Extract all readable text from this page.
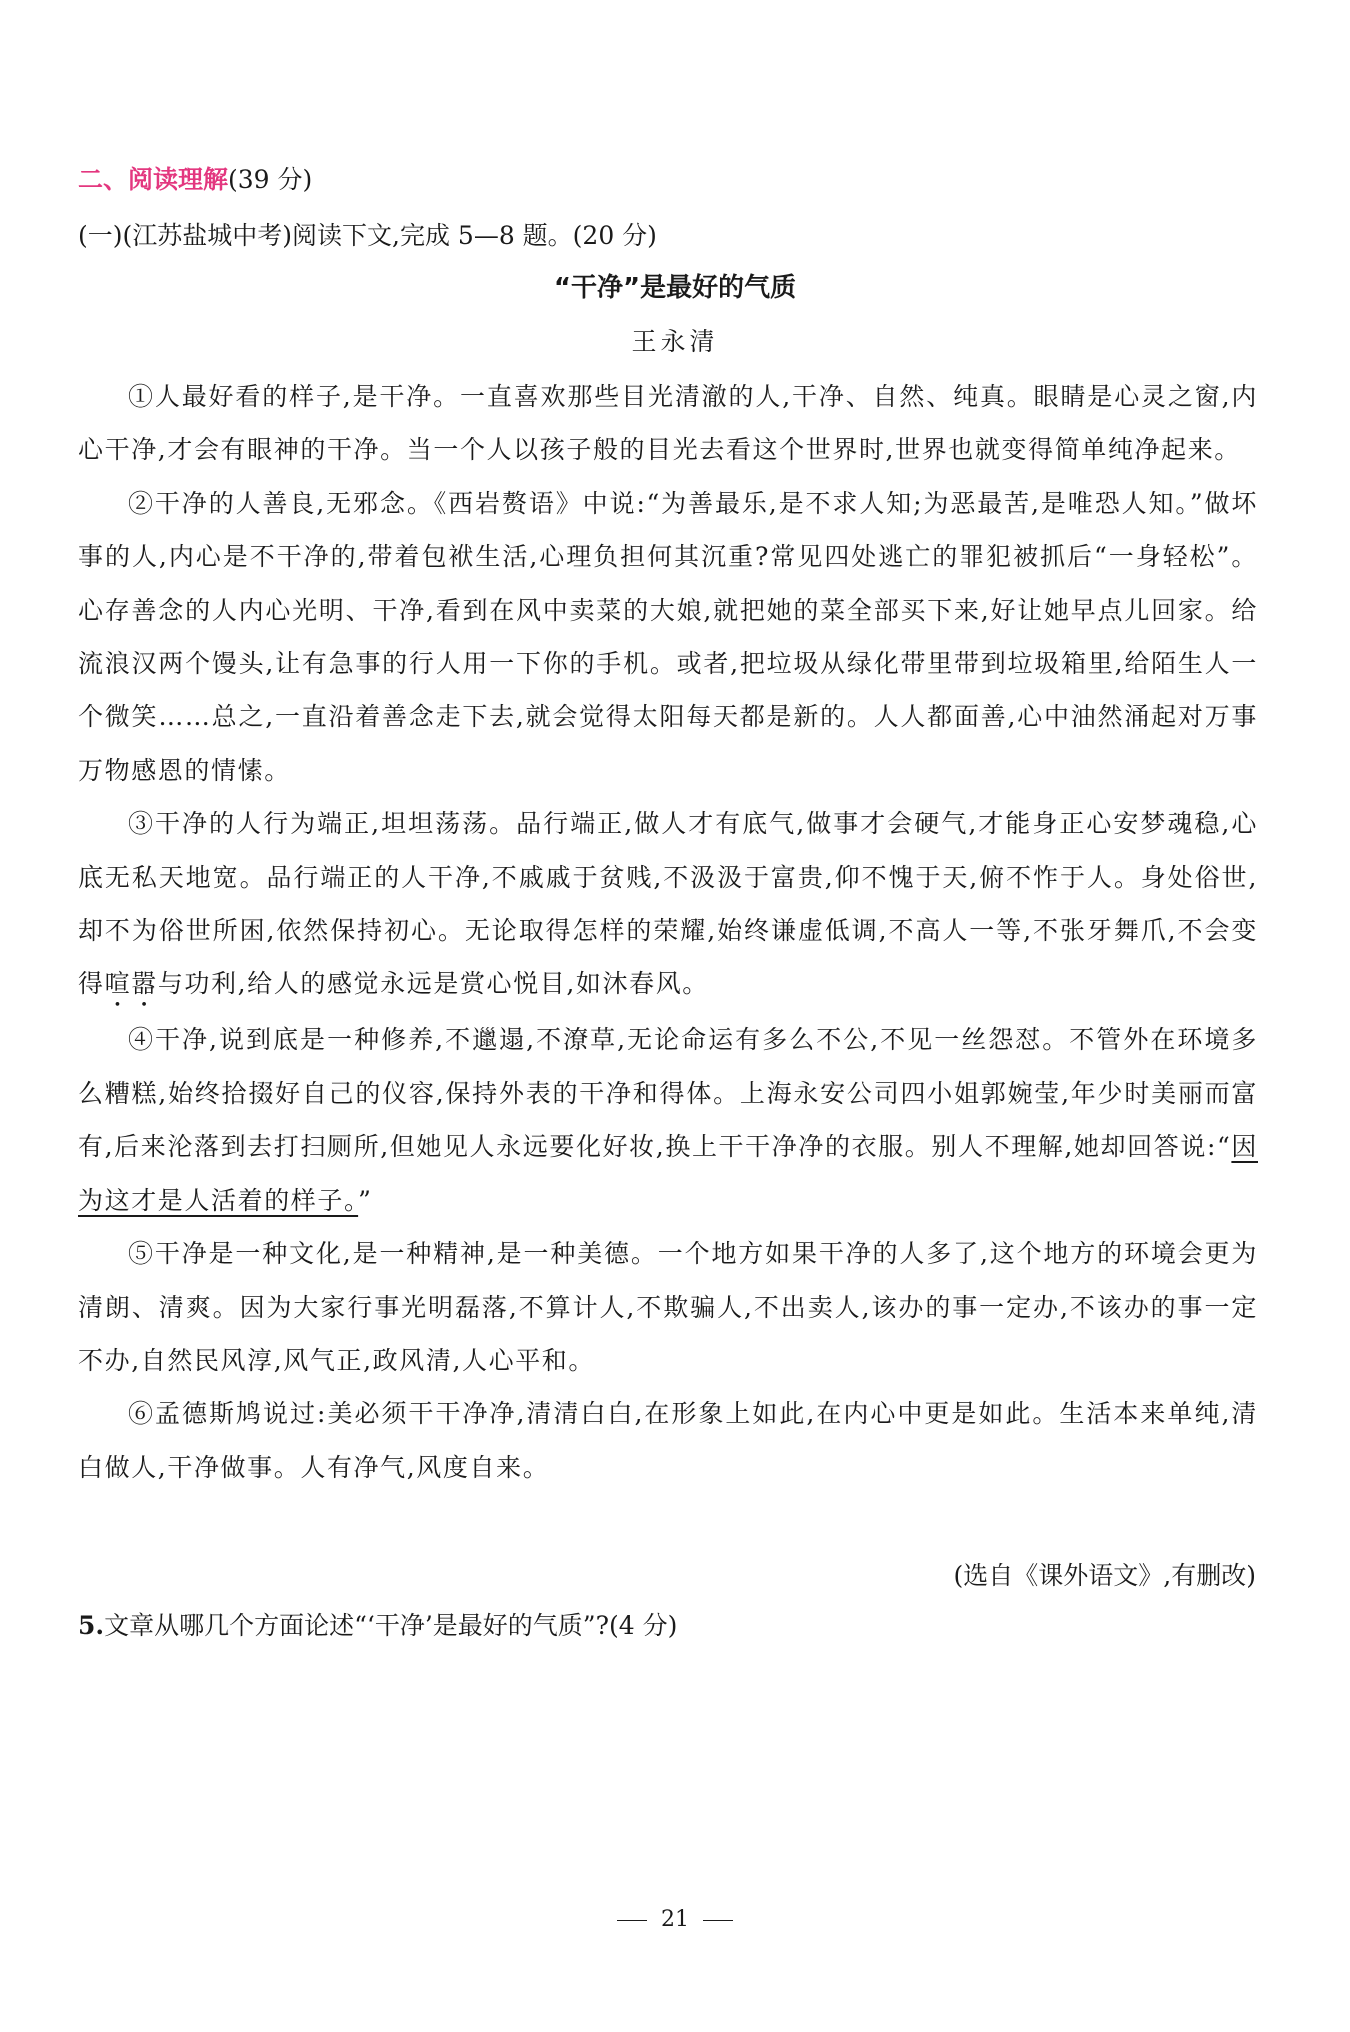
二、阅读理解(39 分)
(一)(江苏盐城中考)阅读下文,完成 5—8 题。(20 分)
“干净”是最好的气质
王永清

①人最好看的样子,是干净。一直喜欢那些目光清澈的人,干净、自然、纯真。眼睛是心灵之窗,内心干净,才会有眼神的干净。当一个人以孩子般的目光去看这个世界时,世界也就变得简单纯净起来。

②干净的人善良,无邪念。《西岩赘语》中说:“为善最乐,是不求人知;为恶最苦,是唯恐人知。”做坏事的人,内心是不干净的,带着包袱生活,心理负担何其沉重?常见四处逃亡的罪犯被抓后“一身轻松”。心存善念的人内心光明、干净,看到在风中卖菜的大娘,就把她的菜全部买下来,好让她早点儿回家。给流浪汉两个馒头,让有急事的行人用一下你的手机。或者,把垃圾从绿化带里带到垃圾箱里,给陌生人一个微笑……总之,一直沿着善念走下去,就会觉得太阳每天都是新的。人人都面善,心中油然涌起对万事万物感恩的情愫。

③干净的人行为端正,坦坦荡荡。品行端正,做人才有底气,做事才会硬气,才能身正心安梦魂稳,心底无私天地宽。品行端正的人干净,不戚戚于贫贱,不汲汲于富贵,仰不愧于天,俯不怍于人。身处俗世,却不为俗世所困,依然保持初心。无论取得怎样的荣耀,始终谦虚低调,不高人一等,不张牙舞爪,不会变得喧嚣与功利,给人的感觉永远是赏心悦目,如沐春风。

④干净,说到底是一种修养,不邋遢,不潦草,无论命运有多么不公,不见一丝怨怼。不管外在环境多么糟糕,始终拾掇好自己的仪容,保持外表的干净和得体。上海永安公司四小姐郭婉莹,年少时美丽而富有,后来沦落到去打扫厕所,但她见人永远要化好妆,换上干干净净的衣服。别人不理解,她却回答说:“因为这才是人活着的样子。”

⑤干净是一种文化,是一种精神,是一种美德。一个地方如果干净的人多了,这个地方的环境会更为清朗、清爽。因为大家行事光明磊落,不算计人,不欺骗人,不出卖人,该办的事一定办,不该办的事一定不办,自然民风淳,风气正,政风清,人心平和。

⑥孟德斯鸠说过:美必须干干净净,清清白白,在形象上如此,在内心中更是如此。生活本来单纯,清白做人,干净做事。人有净气,风度自来。

(选自《课外语文》,有删改)
5.文章从哪几个方面论述“‘干净’是最好的气质”?(4 分)
21
